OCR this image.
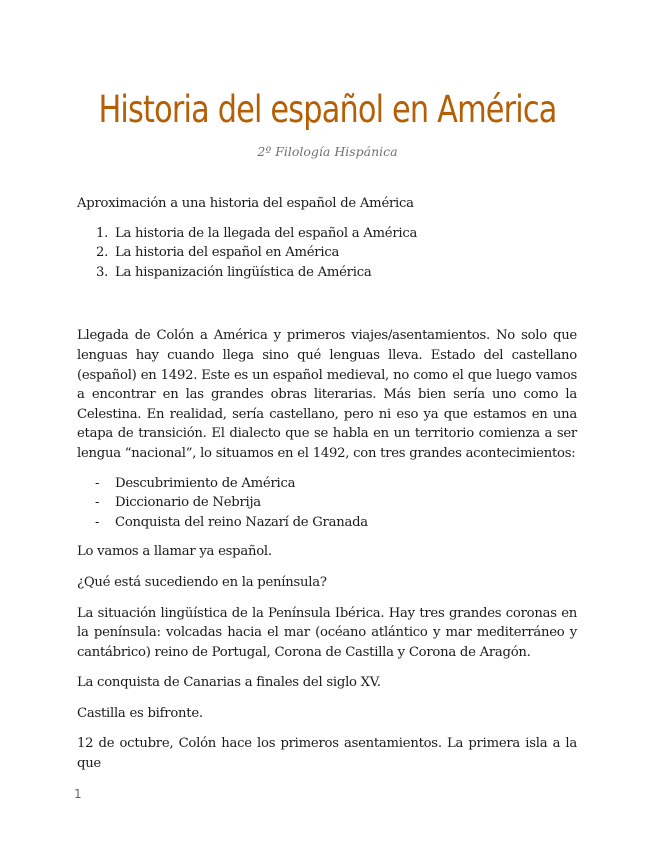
Historia del español en América

2º Filología Hispánica

Aproximación a una historia del español de América

1. La historia de la llegada del español a América
2. La historia del español en América
3. La hispanización lingüística de América

Llegada de Colón a América y primeros viajes/asentamientos. No solo que lenguas hay cuando llega sino qué lenguas lleva. Estado del castellano (español) en 1492. Este es un español medieval, no como el que luego vamos a encontrar en las grandes obras literarias. Más bien sería uno como la Celestina. En realidad, sería castellano, pero ni eso ya que estamos en una etapa de transición. El dialecto que se habla en un territorio comienza a ser lengua “nacional”, lo situamos en el 1492, con tres grandes acontecimientos:

- Descubrimiento de América
- Diccionario de Nebrija
- Conquista del reino Nazarí de Granada

Lo vamos a llamar ya español.

¿Qué está sucediendo en la península?

La situación lingüística de la Península Ibérica. Hay tres grandes coronas en la península: volcadas hacia el mar (océano atlántico y mar mediterráneo y cantábrico) reino de Portugal, Corona de Castilla y Corona de Aragón.

La conquista de Canarias a finales del siglo XV.

Castilla es bifronte.

12 de octubre, Colón hace los primeros asentamientos. La primera isla a la que

1
